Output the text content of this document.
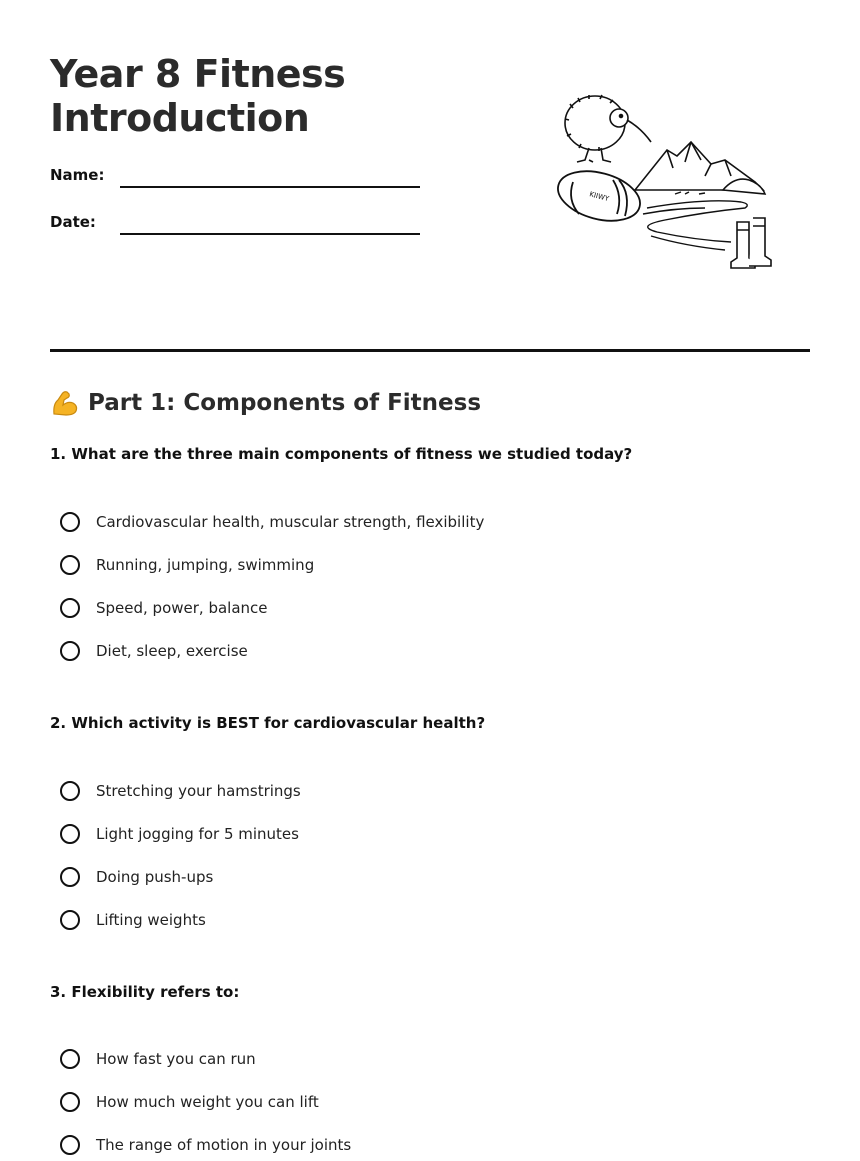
Year 8 Fitness
Introduction
Name:
Date:
KIIWY
Part 1: Components of Fitness

1. What are the three main components of fitness we studied today?

Cardiovascular health, muscular strength, flexibility
Running, jumping, swimming
Speed, power, balance
Diet, sleep, exercise

2. Which activity is BEST for cardiovascular health?

Stretching your hamstrings
Light jogging for 5 minutes
Doing push-ups
Lifting weights

3. Flexibility refers to:

How fast you can run
How much weight you can lift
The range of motion in your joints
